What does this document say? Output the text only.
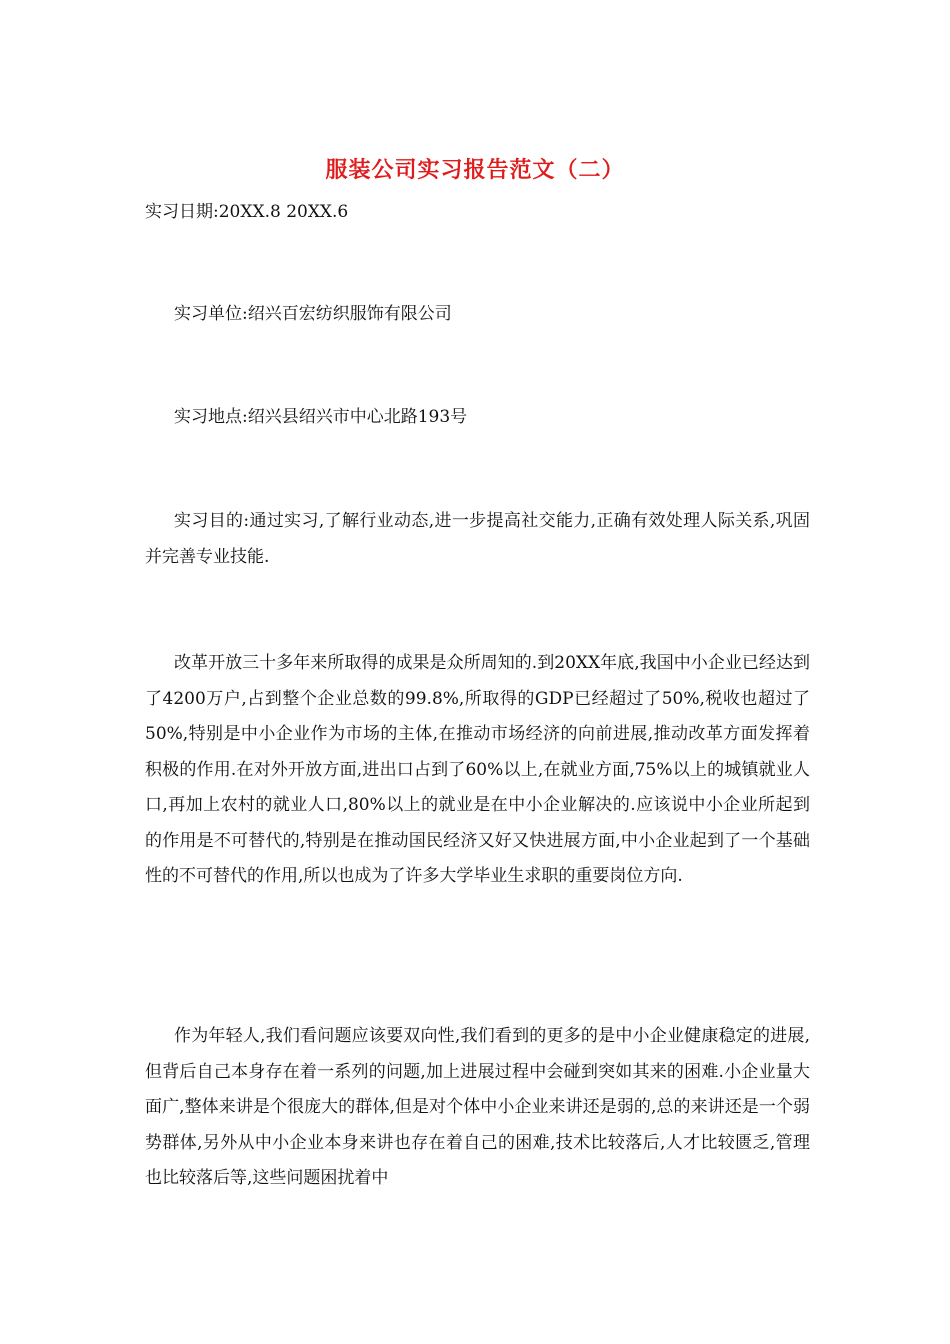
服装公司实习报告范文（二）

实习日期:20XX.8 20XX.6

实习单位:绍兴百宏纺织服饰有限公司

实习地点:绍兴县绍兴市中心北路193号

实习目的:通过实习,了解行业动态,进一步提高社交能力,正确有效处理人际关系,巩固并完善专业技能.

改革开放三十多年来所取得的成果是众所周知的.到20XX年底,我国中小企业已经达到了4200万户,占到整个企业总数的99.8%,所取得的GDP已经超过了50%,税收也超过了50%,特别是中小企业作为市场的主体,在推动市场经济的向前进展,推动改革方面发挥着积极的作用.在对外开放方面,进出口占到了60%以上,在就业方面,75%以上的城镇就业人口,再加上农村的就业人口,80%以上的就业是在中小企业解决的.应该说中小企业所起到的作用是不可替代的,特别是在推动国民经济又好又快进展方面,中小企业起到了一个基础性的不可替代的作用,所以也成为了许多大学毕业生求职的重要岗位方向.

作为年轻人,我们看问题应该要双向性,我们看到的更多的是中小企业健康稳定的进展,但背后自己本身存在着一系列的问题,加上进展过程中会碰到突如其来的困难.小企业量大面广,整体来讲是个很庞大的群体,但是对个体中小企业来讲还是弱的,总的来讲还是一个弱势群体,另外从中小企业本身来讲也存在着自己的困难,技术比较落后,人才比较匮乏,管理也比较落后等,这些问题困扰着中
